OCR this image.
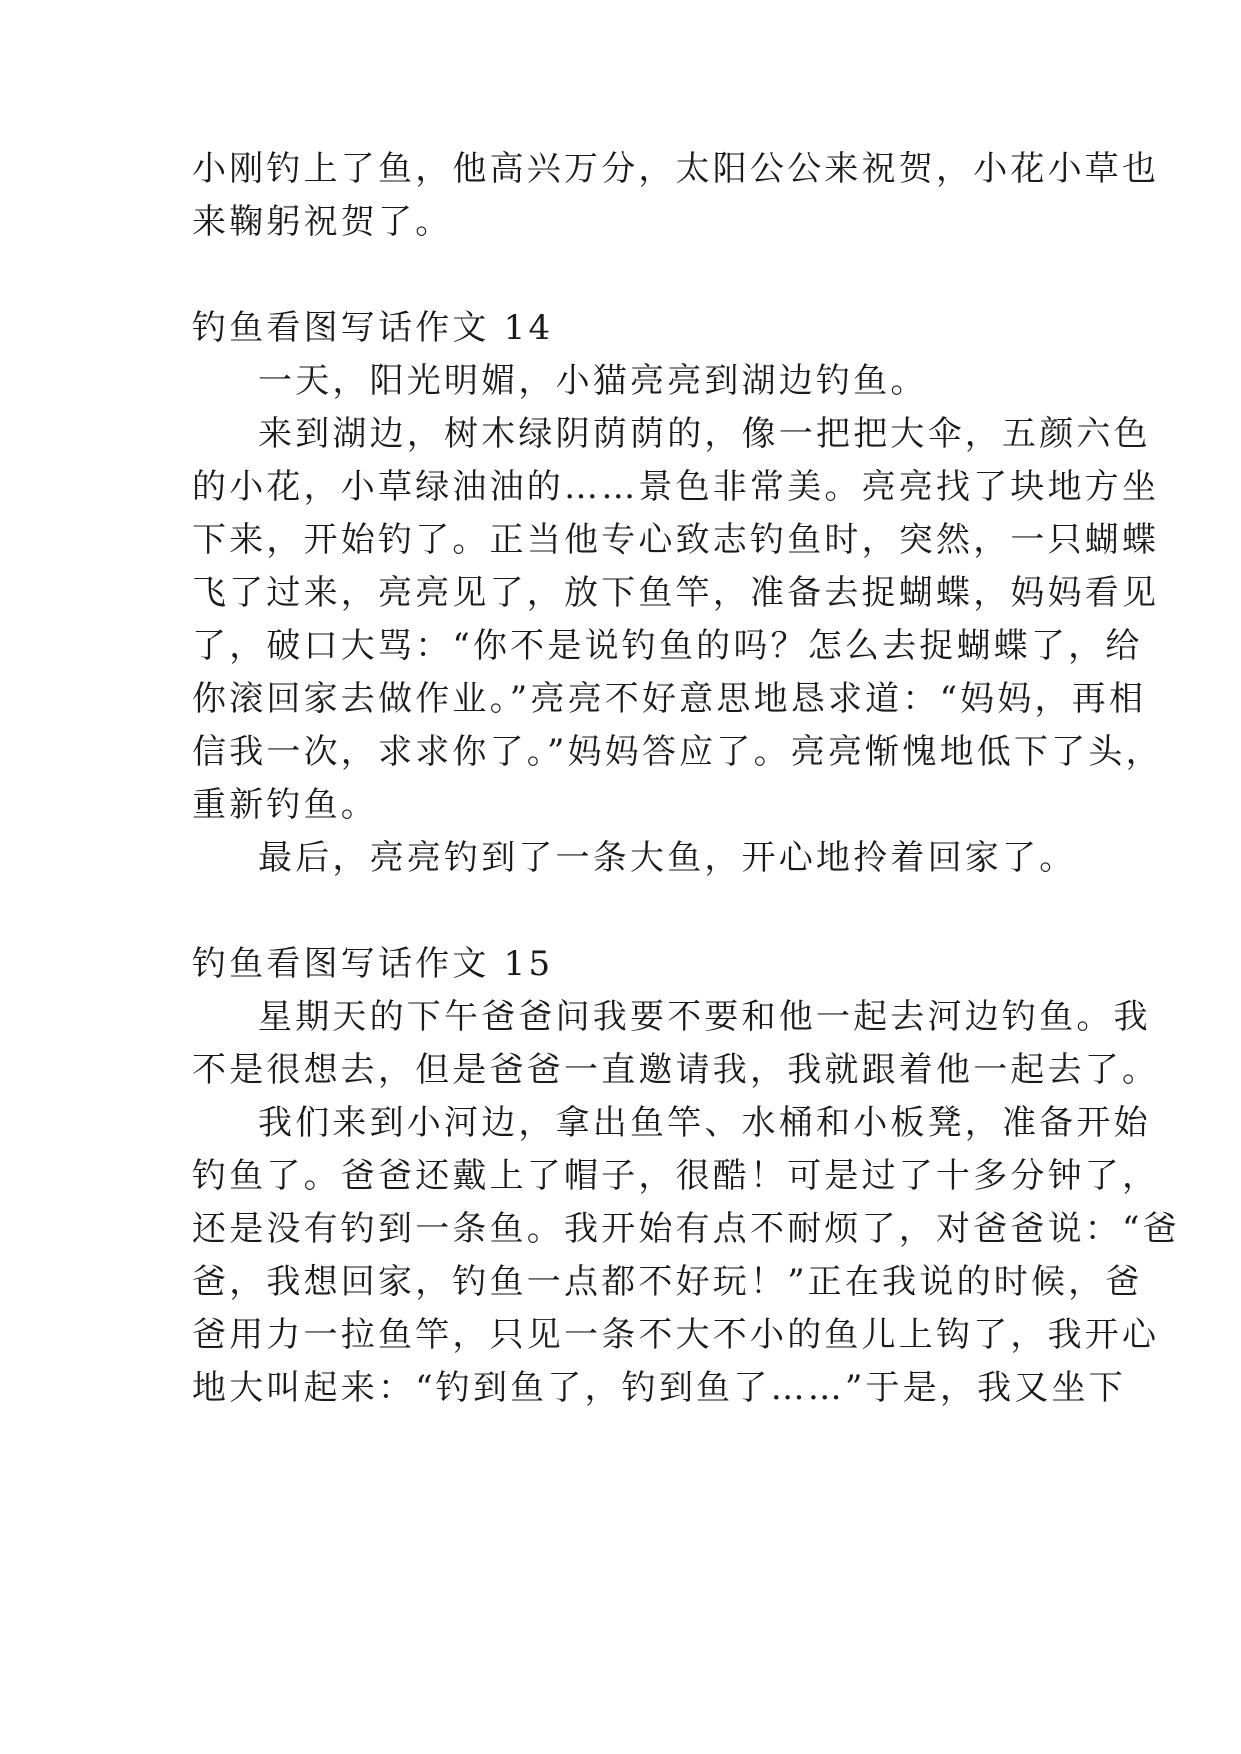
小刚钓上了鱼，他高兴万分，太阳公公来祝贺，小花小草也
来鞠躬祝贺了。
钓鱼看图写话作文 14
一天，阳光明媚，小猫亮亮到湖边钓鱼。
来到湖边，树木绿阴荫荫的，像一把把大伞，五颜六色
的小花，小草绿油油的……景色非常美。亮亮找了块地方坐
下来，开始钓了。正当他专心致志钓鱼时，突然，一只蝴蝶
飞了过来，亮亮见了，放下鱼竿，准备去捉蝴蝶，妈妈看见
了，破口大骂：“你不是说钓鱼的吗？怎么去捉蝴蝶了，给
你滚回家去做作业。”亮亮不好意思地恳求道：“妈妈，再相
信我一次，求求你了。”妈妈答应了。亮亮惭愧地低下了头，
重新钓鱼。
最后，亮亮钓到了一条大鱼，开心地拎着回家了。
钓鱼看图写话作文 15
星期天的下午爸爸问我要不要和他一起去河边钓鱼。我
不是很想去，但是爸爸一直邀请我，我就跟着他一起去了。
我们来到小河边，拿出鱼竿、水桶和小板凳，准备开始
钓鱼了。爸爸还戴上了帽子，很酷！可是过了十多分钟了，
还是没有钓到一条鱼。我开始有点不耐烦了，对爸爸说：“爸
爸，我想回家，钓鱼一点都不好玩！”正在我说的时候，爸
爸用力一拉鱼竿，只见一条不大不小的鱼儿上钩了，我开心
地大叫起来：“钓到鱼了，钓到鱼了……”于是，我又坐下
